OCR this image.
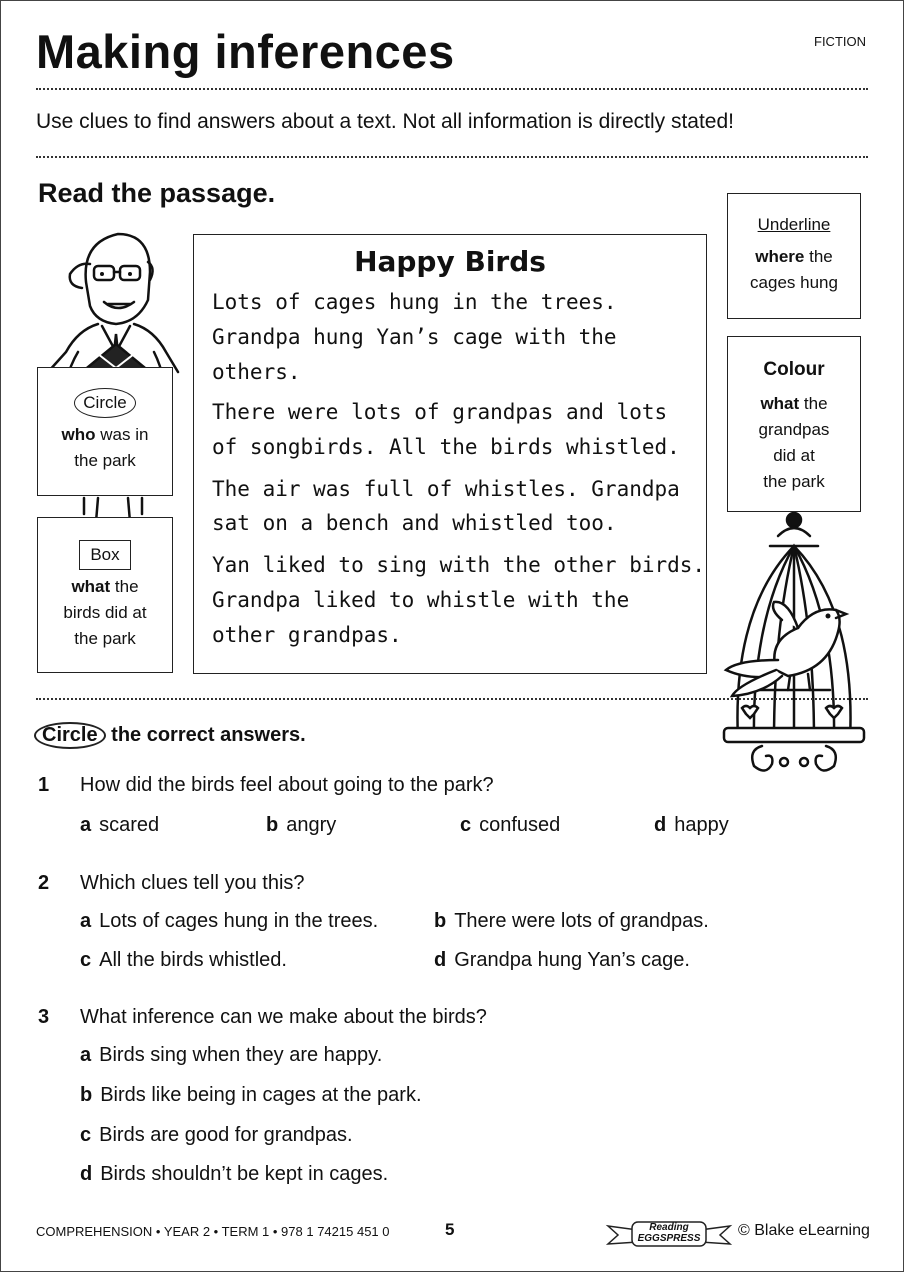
Making inferences	FICTION
Use clues to find answers about a text. Not all information is directly stated!
Read the passage.
Circle
who was in
the park
Box
what the
birds did at
the park
Happy Birds
Lots of cages hung in the trees.
Grandpa hung Yan’s cage with the
others.
There were lots of grandpas and lots
of songbirds. All the birds whistled.
The air was full of whistles. Grandpa
sat on a bench and whistled too.
Yan liked to sing with the other birds.
Grandpa liked to whistle with the
other grandpas.
Underline
where the
cages hung
Colour
what the
grandpas
did at
the park
Circle the correct answers.
1 How did the birds feel about going to the park?
a scared	b angry	c confused	d happy
2 Which clues tell you this?
a Lots of cages hung in the trees.	b There were lots of grandpas.
c All the birds whistled.	d Grandpa hung Yan’s cage.
3 What inference can we make about the birds?
a Birds sing when they are happy.
b Birds like being in cages at the park.
c Birds are good for grandpas.
d Birds shouldn’t be kept in cages.
COMPREHENSION • YEAR 2 • TERM 1 • 978 1 74215 451 0	5	Reading
EGGSPRESS	© Blake eLearning
